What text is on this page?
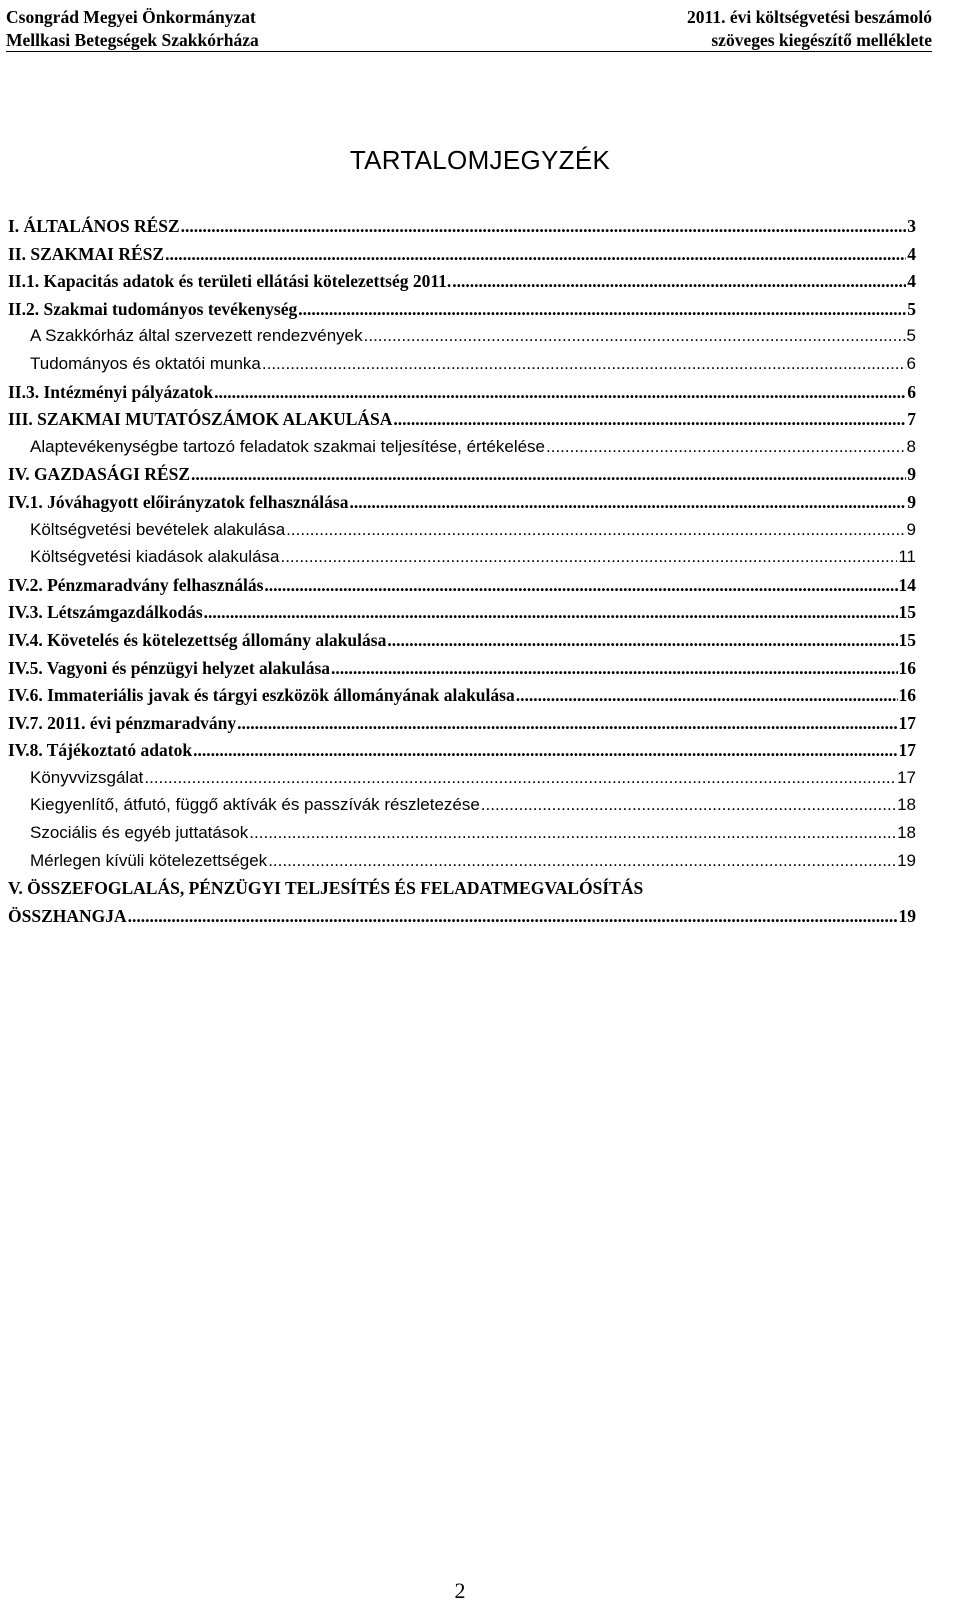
Csongrád Megyei Önkormányzat
Mellkasi Betegségek Szakkórháza
2011. évi költségvetési beszámoló
szöveges kiegészítő melléklete
TARTALOMJEGYZÉK
I. ÁLTALÁNOS RÉSZ .....	3
II. SZAKMAI RÉSZ .....	4
II.1. Kapacitás adatok és területi ellátási kötelezettség 2011. .....	4
II.2. Szakmai tudományos tevékenység .....	5
A Szakkórház által szervezett rendezvények .....	5
Tudományos és oktatói munka .....	6
II.3. Intézményi pályázatok .....	6
III. SZAKMAI MUTATÓSZÁMOK ALAKULÁSA .....	7
Alaptevékenységbe tartozó feladatok szakmai teljesítése, értékelése .....	8
IV. GAZDASÁGI RÉSZ .....	9
IV.1. Jóváhagyott előirányzatok felhasználása .....	9
Költségvetési bevételek alakulása .....	9
Költségvetési kiadások alakulása .....	11
IV.2. Pénzmaradvány felhasználás .....	14
IV.3. Létszámgazdálkodás .....	15
IV.4. Követelés és kötelezettség állomány alakulása .....	15
IV.5. Vagyoni és pénzügyi helyzet alakulása .....	16
IV.6. Immateriális javak és tárgyi eszközök állományának alakulása .....	16
IV.7. 2011. évi pénzmaradvány .....	17
IV.8. Tájékoztató adatok .....	17
Könyvvizsgálat .....	17
Kiegyenlítő, átfutó, függő aktívák és passzívák részletezése .....	18
Szociális és egyéb juttatások .....	18
Mérlegen kívüli kötelezettségek .....	19
V. ÖSSZEFOGLALÁS, PÉNZÜGYI TELJESÍTÉS ÉS FELADATMEGVALÓSÍTÁS
ÖSSZHANGJA .....	19
2
